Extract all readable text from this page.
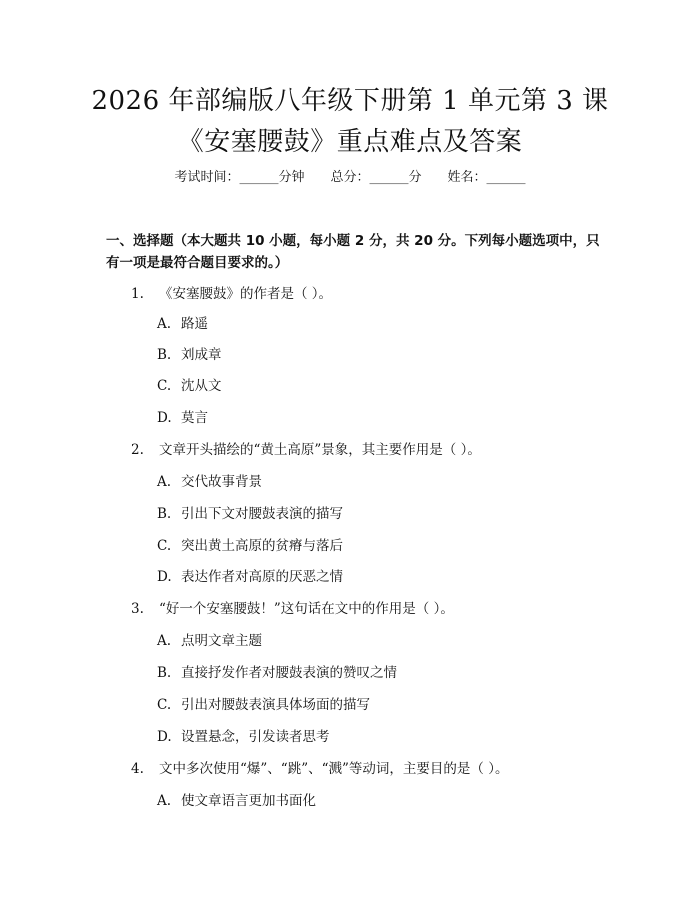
2026 年部编版八年级下册第 1 单元第 3 课
《安塞腰鼓》重点难点及答案
考试时间：______分钟 总分：______分 姓名：______
一、选择题（本大题共 10 小题，每小题 2 分，共 20 分。下列每小题选项中，只有一项是最符合题目要求的。）
1. 《安塞腰鼓》的作者是（ ）。
A. 路遥
B. 刘成章
C. 沈从文
D. 莫言
2. 文章开头描绘的“黄土高原”景象，其主要作用是（ ）。
A. 交代故事背景
B. 引出下文对腰鼓表演的描写
C. 突出黄土高原的贫瘠与落后
D. 表达作者对高原的厌恶之情
3. “好一个安塞腰鼓！”这句话在文中的作用是（ ）。
A. 点明文章主题
B. 直接抒发作者对腰鼓表演的赞叹之情
C. 引出对腰鼓表演具体场面的描写
D. 设置悬念，引发读者思考
4. 文中多次使用“爆”、“跳”、“溅”等动词，主要目的是（ ）。
A. 使文章语言更加书面化
